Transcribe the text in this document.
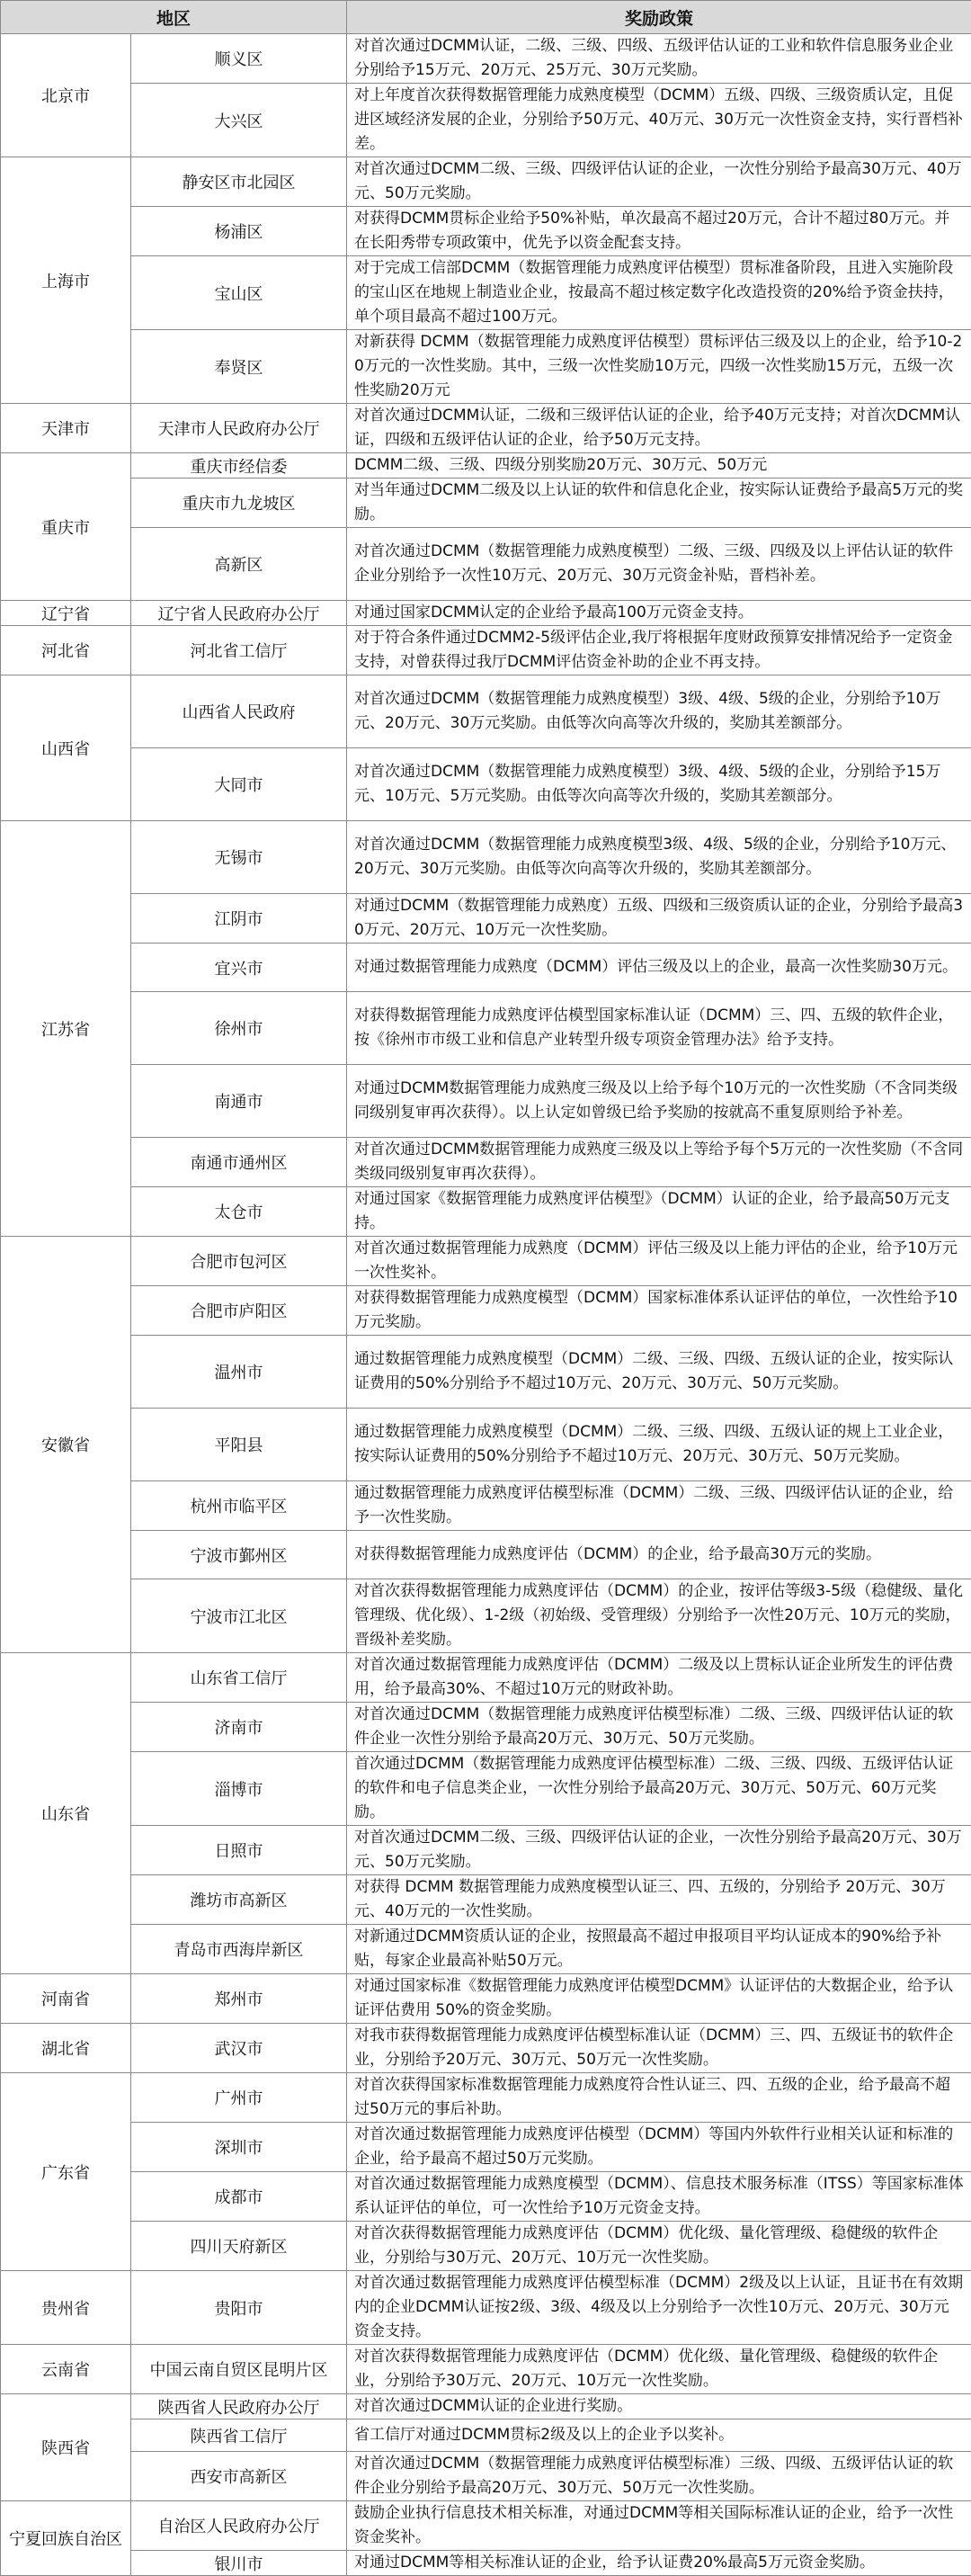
地区		奖励政策
北京市	顺义区	对首次通过DCMM认证，二级、三级、四级、五级评估认证的工业和软件信息服务业企业分别给予15万元、20万元、25万元、30万元奖励。
	大兴区	对上年度首次获得数据管理能力成熟度模型（DCMM）五级、四级、三级资质认定，且促进区域经济发展的企业，分别给予50万元、40万元、30万元一次性资金支持，实行晋档补差。
上海市	静安区市北园区	对首次通过DCMM二级、三级、四级评估认证的企业，一次性分别给予最高30万元、40万元、50万元奖励。
	杨浦区	对获得DCMM贯标企业给予50%补贴，单次最高不超过20万元，合计不超过80万元。并在长阳秀带专项政策中，优先予以资金配套支持。
	宝山区	对于完成工信部DCMM（数据管理能力成熟度评估模型）贯标准备阶段，且进入实施阶段的宝山区在地规上制造业企业，按最高不超过核定数字化改造投资的20%给予资金扶持，单个项目最高不超过100万元。
	奉贤区	对新获得 DCMM（数据管理能力成熟度评估模型）贯标评估三级及以上的企业，给予10-20万元的一次性奖励。其中，三级一次性奖励10万元，四级一次性奖励15万元，五级一次性奖励20万元
天津市	天津市人民政府办公厅	对首次通过DCMM认证，二级和三级评估认证的企业，给予40万元支持；对首次DCMM认证，四级和五级评估认证的企业，给予50万元支持。
重庆市	重庆市经信委	DCMM二级、三级、四级分别奖励20万元、30万元、50万元
	重庆市九龙坡区	对当年通过DCMM二级及以上认证的软件和信息化企业，按实际认证费给予最高5万元的奖励。
	高新区	对首次通过DCMM（数据管理能力成熟度模型）二级、三级、四级及以上评估认证的软件企业分别给予一次性10万元、20万元、30万元资金补贴，晋档补差。
辽宁省	辽宁省人民政府办公厅	对通过国家DCMM认定的企业给予最高100万元资金支持。
河北省	河北省工信厅	对于符合条件通过DCMM2-5级评估企业,我厅将根据年度财政预算安排情况给予一定资金支持，对曾获得过我厅DCMM评估资金补助的企业不再支持。
山西省	山西省人民政府	对首次通过DCMM（数据管理能力成熟度模型）3级、4级、5级的企业，分别给予10万元、20万元、30万元奖励。由低等次向高等次升级的，奖励其差额部分。
	大同市	对首次通过DCMM（数据管理能力成熟度模型）3级、4级、5级的企业，分别给予15万元、10万元、5万元奖励。由低等次向高等次升级的，奖励其差额部分。
江苏省	无锡市	对首次通过DCMM（数据管理能力成熟度模型3级、4级、5级的企业，分别给予10万元、20万元、30万元奖励。由低等次向高等次升级的，奖励其差额部分。
	江阴市	对通过DCMM（数据管理能力成熟度）五级、四级和三级资质认证的企业，分别给予最高30万元、20万元、10万元一次性奖励。
	宜兴市	对通过数据管理能力成熟度（DCMM）评估三级及以上的企业，最高一次性奖励30万元。
	徐州市	对获得数据管理能力成熟度评估模型国家标准认证（DCMM）三、四、五级的软件企业，按《徐州市市级工业和信息产业转型升级专项资金管理办法》给予支持。
	南通市	对通过DCMM数据管理能力成熟度三级及以上给予每个10万元的一次性奖励（不含同类级同级别复审再次获得）。以上认定如曾级已给予奖励的按就高不重复原则给予补差。
	南通市通州区	对首次通过DCMM数据管理能力成熟度三级及以上等给予每个5万元的一次性奖励（不含同类级同级别复审再次获得）。
	太仓市	对通过国家《数据管理能力成熟度评估模型》（DCMM）认证的企业，给予最高50万元支持。
安徽省	合肥市包河区	对首次通过数据管理能力成熟度（DCMM）评估三级及以上能力评估的企业，给予10万元一次性奖补。
	合肥市庐阳区	对获得数据管理能力成熟度模型（DCMM）国家标准体系认证评估的单位，一次性给予10万元奖励。
	温州市	通过数据管理能力成熟度模型（DCMM）二级、三级、四级、五级认证的企业，按实际认证费用的50%分别给予不超过10万元、20万元、30万元、50万元奖励。
	平阳县	通过数据管理能力成熟度模型（DCMM）二级、三级、四级、五级认证的规上工业企业，按实际认证费用的50%分别给予不超过10万元、20万元、30万元、50万元奖励。
	杭州市临平区	通过数据管理能力成熟度评估模型标准（DCMM）二级、三级、四级评估认证的企业，给予一次性奖励。
	宁波市鄞州区	对获得数据管理能力成熟度评估（DCMM）的企业，给予最高30万元的奖励。
	宁波市江北区	对首次获得数据管理能力成熟度评估（DCMM）的企业，按评估等级3-5级（稳健级、量化管理级、优化级）、1-2级（初始级、受管理级）分别给予一次性20万元、10万元的奖励，晋级补差奖励。
山东省	山东省工信厅	对首次通过数据管理能力成熟度评估（DCMM）二级及以上贯标认证企业所发生的评估费用，给予最高30%、不超过10万元的财政补助。
	济南市	对首次通过DCMM（数据管理能力成熟度评估模型标准）二级、三级、四级评估认证的软件企业一次性分别给予最高20万元、30万元、50万元奖励。
	淄博市	首次通过DCMM（数据管理能力成熟度评估模型标准）二级、三级、四级、五级评估认证的软件和电子信息类企业，一次性分别给予最高20万元、30万元、50万元、60万元奖励。
	日照市	对首次通过DCMM二级、三级、四级评估认证的企业，一次性分别给予最高20万元、30万元、50万元奖励。
	潍坊市高新区	对获得 DCMM 数据管理能力成熟度模型认证三、四、五级的，分别给予 20万元、30万元、40万元的一次性奖励。
	青岛市西海岸新区	对新通过DCMM资质认证的企业，按照最高不超过申报项目平均认证成本的90%给予补贴，每家企业最高补贴50万元。
河南省	郑州市	对通过国家标准《数据管理能力成熟度评估模型DCMM》认证评估的大数据企业，给予认证评估费用 50%的资金奖励。
湖北省	武汉市	对我市获得数据管理能力成熟度评估模型标准认证（DCMM）三、四、五级证书的软件企业，分别给予20万元、30万元、50万元一次性奖励。
广东省	广州市	对首次获得国家标准数据管理能力成熟度符合性认证三、四、五级的企业，给予最高不超过50万元的事后补助。
	深圳市	对首次通过数据管理能力成熟度评估模型（DCMM）等国内外软件行业相关认证和标准的企业，给予最高不超过50万元奖励。
	成都市	对首次通过数据管理能力成熟度模型（DCMM）、信息技术服务标准（ITSS）等国家标准体系认证评估的单位，可一次性给予10万元资金支持。
	四川天府新区	对首次获得数据管理能力成熟度评估（DCMM）优化级、量化管理级、稳健级的软件企业，分别给与30万元、20万元、10万元一次性奖励。
贵州省	贵阳市	对首次通过数据管理能力成熟度评估模型标准（DCMM）2级及以上认证，且证书在有效期内的企业DCMM认证按2级、3级、4级及以上分别给予一次性10万元、20万元、30万元资金支持。
云南省	中国云南自贸区昆明片区	对首次获得数据管理能力成熟度评估（DCMM）优化级、量化管理级、稳健级的软件企业，分别给予30万元、20万元、10万元一次性奖励。
陕西省	陕西省人民政府办公厅	对首次通过DCMM认证的企业进行奖励。
	陕西省工信厅	省工信厅对通过DCMM贯标2级及以上的企业予以奖补。
	西安市高新区	对首次通过DCMM（数据管理能力成熟度评估模型标准）三级、四级、五级评估认证的软件企业分别给予最高20万元、30万元、50万元一次性奖励。
宁夏回族自治区	自治区人民政府办公厅	鼓励企业执行信息技术相关标准，对通过DCMM等相关国际标准认证的企业，给予一次性资金奖补。
	银川市	对通过DCMM等相关标准认证的企业，给予认证费20%最高5万元资金奖励。
